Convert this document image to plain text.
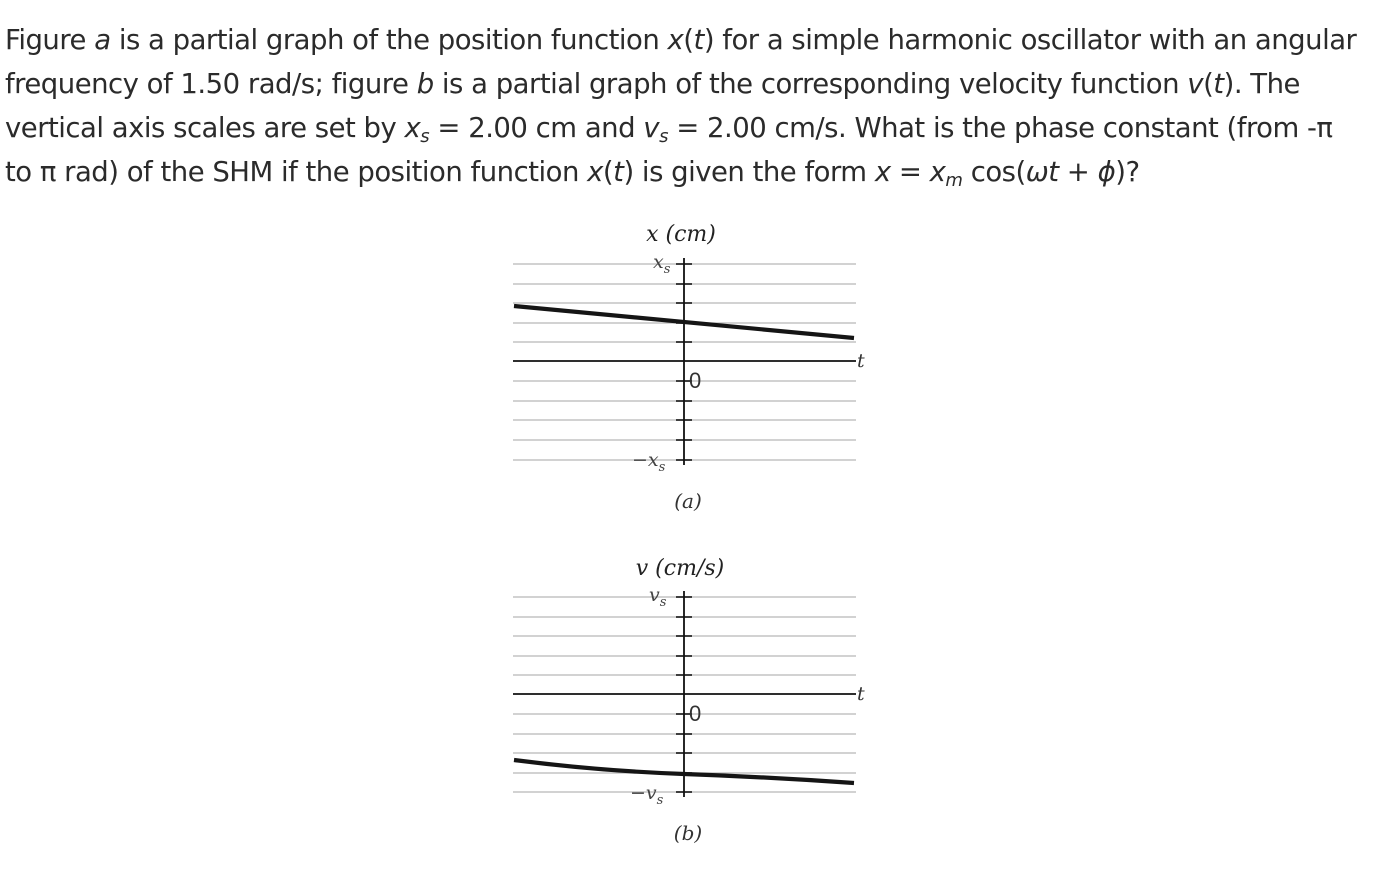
Figure a is a partial graph of the position function x(t) for a simple harmonic oscillator with an angular frequency of 1.50 rad/s; figure b is a partial graph of the corresponding velocity function v(t). The vertical axis scales are set by $x_s = 2.00$ cm and $v_s = 2.00$ cm/s. What is the phase constant (from -π to π rad) of the SHM if the position function x(t) is given the form $x = x_m$ cos(ωt + ϕ)?
x (cm)
$x_s$
$-x_s$
0
t
(a)
v (cm/s)
$v_s$
$-v_s$
0
t
(b)
